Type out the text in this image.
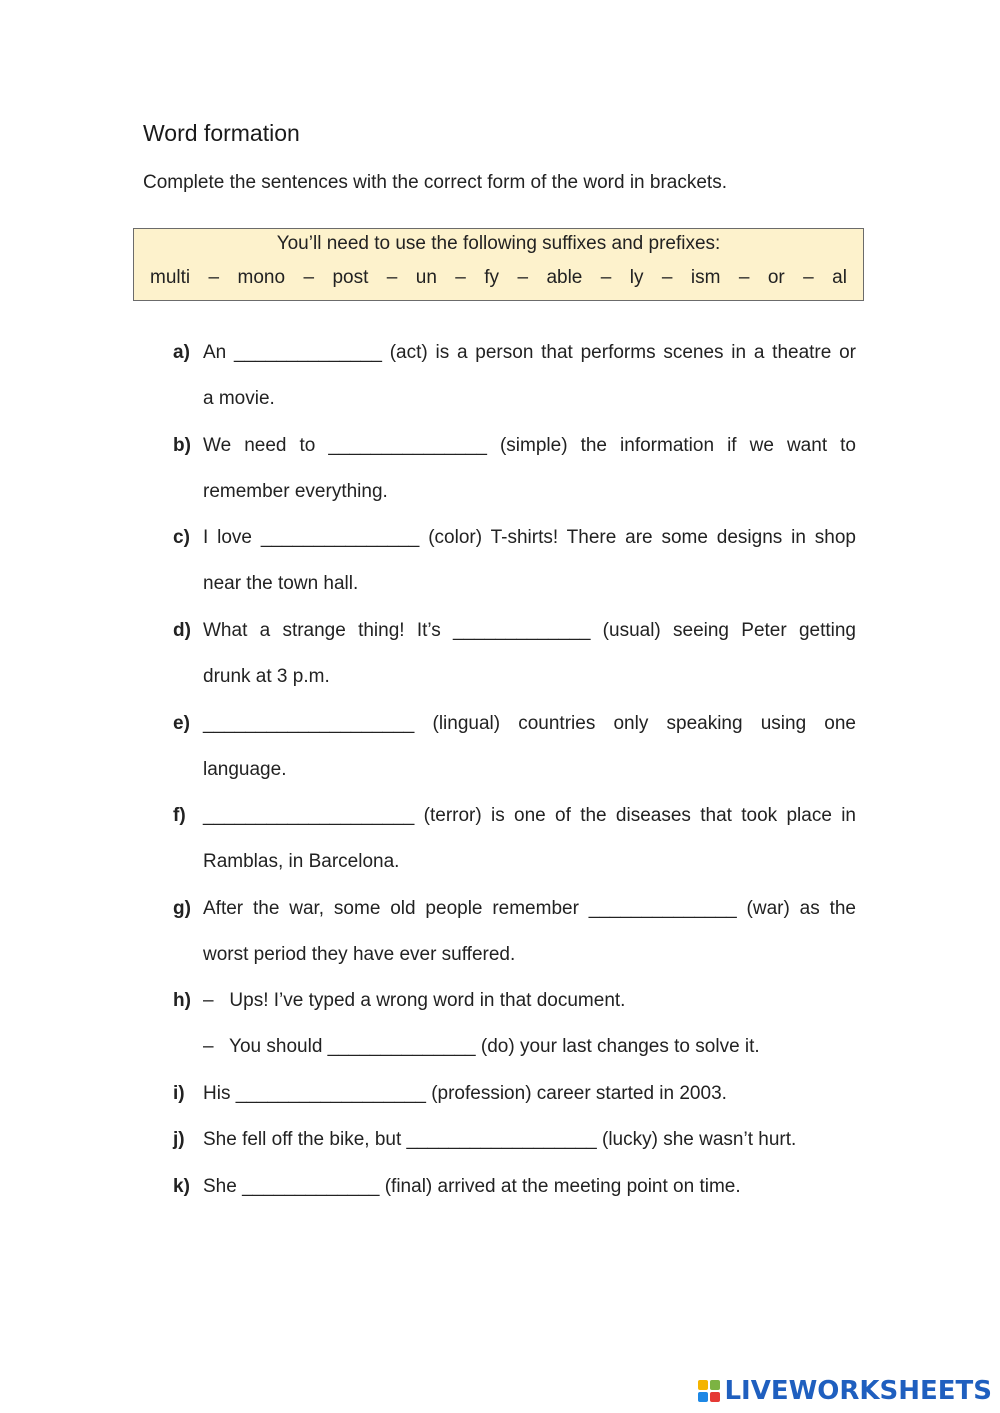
Word formation
Complete the sentences with the correct form of the word in brackets.
You’ll need to use the following suffixes and prefixes:
multi – mono – post – un – fy – able – ly – ism – or – al
a) An ______________ (act) is a person that performs scenes in a theatre or
a movie.
b) We need to _______________ (simple) the information if we want to
remember everything.
c) I love _______________ (color) T-shirts! There are some designs in shop
near the town hall.
d) What a strange thing! It’s _____________ (usual) seeing Peter getting
drunk at 3 p.m.
e) ____________________ (lingual) countries only speaking using one
language.
f) ____________________ (terror) is one of the diseases that took place in
Ramblas, in Barcelona.
g) After the war, some old people remember ______________ (war) as the
worst period they have ever suffered.
h) –   Ups! I’ve typed a wrong word in that document.
–   You should ______________ (do) your last changes to solve it.
i) His __________________ (profession) career started in 2003.
j) She fell off the bike, but __________________ (lucky) she wasn’t hurt.
k) She _____________ (final) arrived at the meeting point on time.
LIVEWORKSHEETS
